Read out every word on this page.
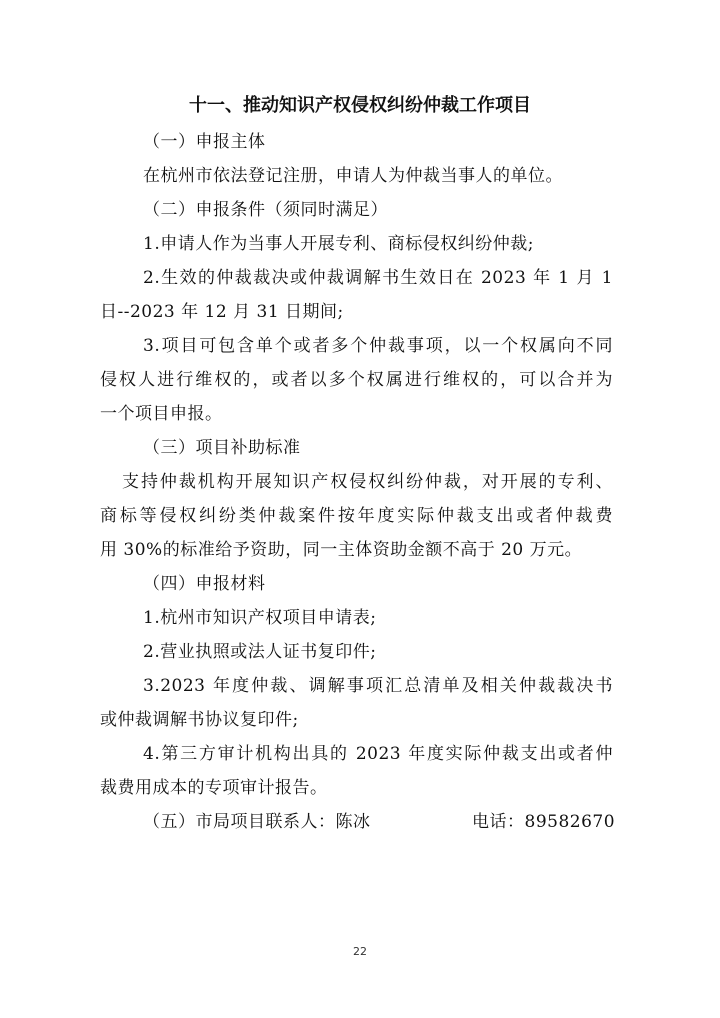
十一、推动知识产权侵权纠纷仲裁工作项目
（一）申报主体
在杭州市依法登记注册，申请人为仲裁当事人的单位。
（二）申报条件（须同时满足）
1.申请人作为当事人开展专利、商标侵权纠纷仲裁;
2.生效的仲裁裁决或仲裁调解书生效日在 2023 年 1 月 1
日--2023 年 12 月 31 日期间;
3.项目可包含单个或者多个仲裁事项，以一个权属向不同
侵权人进行维权的，或者以多个权属进行维权的，可以合并为
一个项目申报。
（三）项目补助标准
支持仲裁机构开展知识产权侵权纠纷仲裁，对开展的专利、
商标等侵权纠纷类仲裁案件按年度实际仲裁支出或者仲裁费
用 30%的标准给予资助，同一主体资助金额不高于 20 万元。
（四）申报材料
1.杭州市知识产权项目申请表;
2.营业执照或法人证书复印件;
3.2023 年度仲裁、调解事项汇总清单及相关仲裁裁决书
或仲裁调解书协议复印件;
4.第三方审计机构出具的 2023 年度实际仲裁支出或者仲
裁费用成本的专项审计报告。
（五）市局项目联系人：陈冰	电话：89582670
22
